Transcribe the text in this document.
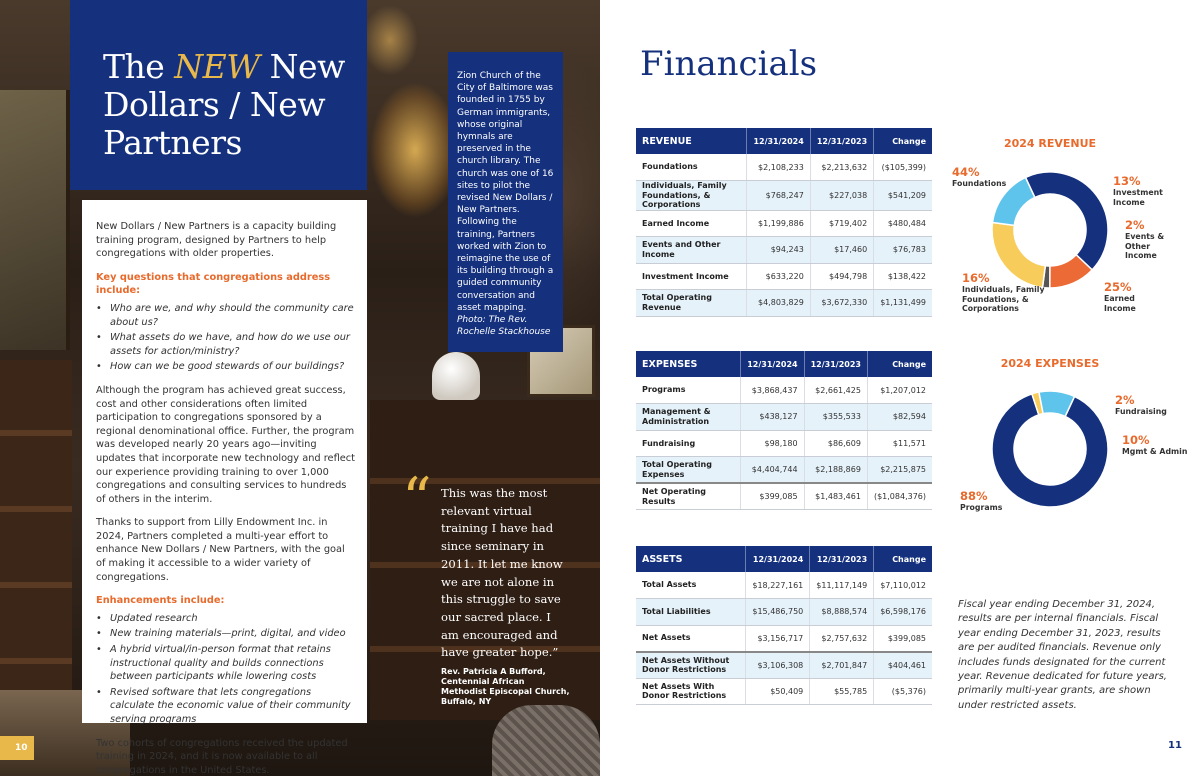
The NEW New Dollars / New Partners

New Dollars / New Partners is a capacity building training program, designed by Partners to help congregations with older properties.

Key questions that congregations address include:

• Who are we, and why should the community care about us?
• What assets do we have, and how do we use our assets for action/ministry?
• How can we be good stewards of our buildings?

Although the program has achieved great success, cost and other considerations often limited participation to congregations sponsored by a regional denominational office. Further, the program was developed nearly 20 years ago—inviting updates that incorporate new technology and reflect our experience providing training to over 1,000 congregations and consulting services to hundreds of others in the interim.

Thanks to support from Lilly Endowment Inc. in 2024, Partners completed a multi-year effort to enhance New Dollars / New Partners, with the goal of making it accessible to a wider variety of congregations.

Enhancements include:

• Updated research
• New training materials—print, digital, and video
• A hybrid virtual/in-person format that retains instructional quality and builds connections between participants while lowering costs
• Revised software that lets congregations calculate the economic value of their community serving programs

Two cohorts of congregations received the updated training in 2024, and it is now available to all congregations in the United States.

Zion Church of the City of Baltimore was founded in 1755 by German immigrants, whose original hymnals are preserved in the church library. The church was one of 16 sites to pilot the revised New Dollars / New Partners. Following the training, Partners worked with Zion to reimagine the use of its building through a guided community conversation and asset mapping. Photo: The Rev. Rochelle Stackhouse
“ This was the most relevant virtual training I have had since seminary in 2011. It let me know we are not alone in this struggle to save our sacred place. I am encouraged and have greater hope.”
Rev. Patricia A Bufford, Centennial African Methodist Episcopal Church, Buffalo, NY
10
Financials
REVENUE	12/31/2024	12/31/2023	Change
Foundations	$2,108,233	$2,213,632	($105,399)
Individuals, Family Foundations, & Corporations	$768,247	$227,038	$541,209
Earned Income	$1,199,886	$719,402	$480,484
Events and Other Income	$94,243	$17,460	$76,783
Investment Income	$633,220	$494,798	$138,422
Total Operating Revenue	$4,803,829	$3,672,330	$1,131,499
EXPENSES	12/31/2024	12/31/2023	Change
Programs	$3,868,437	$2,661,425	$1,207,012
Management & Administration	$438,127	$355,533	$82,594
Fundraising	$98,180	$86,609	$11,571
Total Operating Expenses	$4,404,744	$2,188,869	$2,215,875
Net Operating Results	$399,085	$1,483,461	($1,084,376)
ASSETS	12/31/2024	12/31/2023	Change
Total Assets	$18,227,161	$11,117,149	$7,110,012
Total Liabilities	$15,486,750	$8,888,574	$6,598,176
Net Assets	$3,156,717	$2,757,632	$399,085
Net Assets Without Donor Restrictions	$3,106,308	$2,701,847	$404,461
Net Assets With Donor Restrictions	$50,409	$55,785	($5,376)
2024 REVENUE
44%
Foundations	13%
Investment Income
2%
Events & Other Income
25%
Earned Income
16%
Individuals, Family Foundations, & Corporations
2024 EXPENSES
2%
Fundraising
10%
Mgmt & Admin
88%
Programs
Fiscal year ending December 31, 2024, results are per internal financials. Fiscal year ending December 31, 2023, results are per audited financials. Revenue only includes funds designated for the current year. Revenue dedicated for future years, primarily multi-year grants, are shown under restricted assets.
11
